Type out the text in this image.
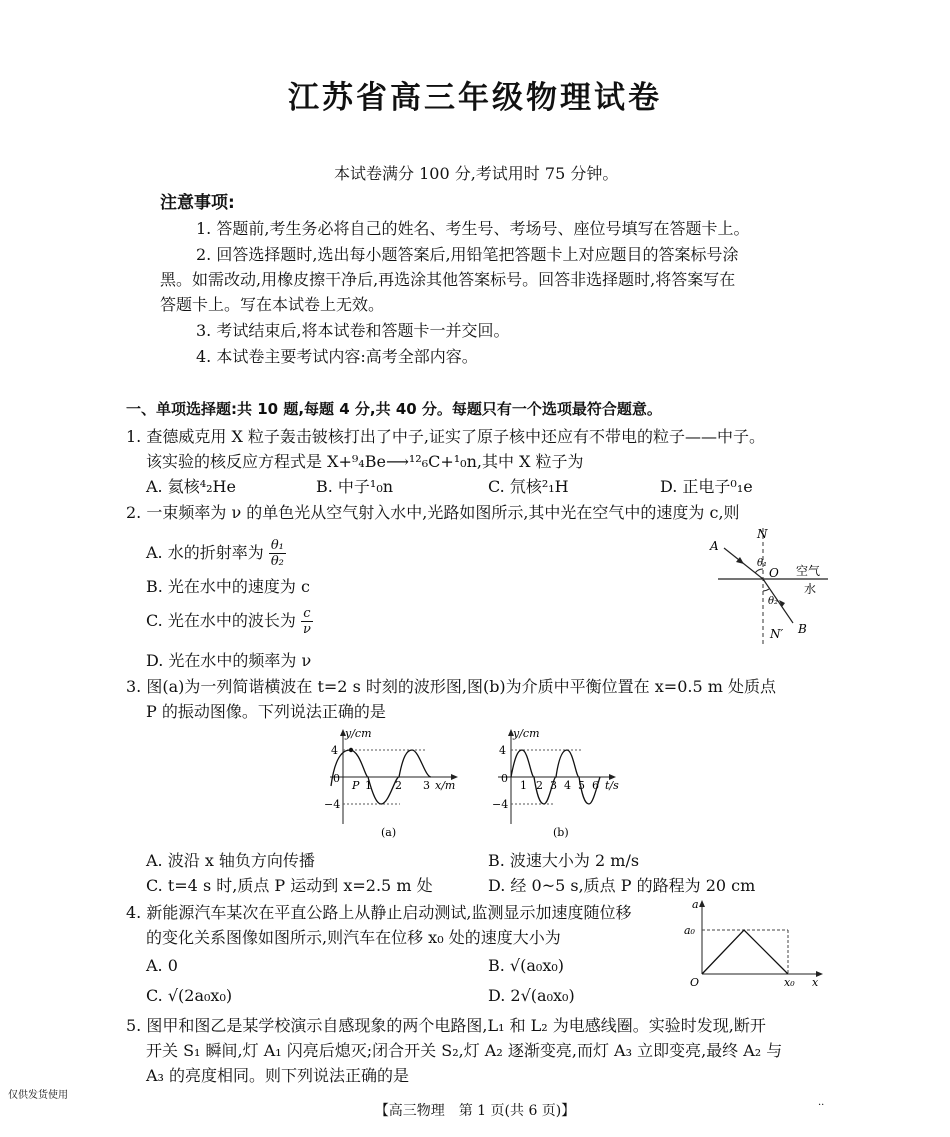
江苏省高三年级物理试卷
本试卷满分 100 分,考试用时 75 分钟。
注意事项:
1. 答题前,考生务必将自己的姓名、考生号、考场号、座位号填写在答题卡上。
2. 回答选择题时,选出每小题答案后,用铅笔把答题卡上对应题目的答案标号涂
黑。如需改动,用橡皮擦干净后,再选涂其他答案标号。回答非选择题时,将答案写在
答题卡上。写在本试卷上无效。
3. 考试结束后,将本试卷和答题卡一并交回。
4. 本试卷主要考试内容:高考全部内容。
一、单项选择题:共 10 题,每题 4 分,共 40 分。每题只有一个选项最符合题意。
1. 查德威克用 X 粒子轰击铍核打出了中子,证实了原子核中还应有不带电的粒子——中子。
该实验的核反应方程式是 X+⁹₄Be⟶¹²₆C+¹₀n,其中 X 粒子为
A. 氦核⁴₂He	B. 中子¹₀n	C. 氘核²₁H	D. 正电子⁰₁e
2. 一束频率为 ν 的单色光从空气射入水中,光路如图所示,其中光在空气中的速度为 c,则
A. 水的折射率为 $\frac{\text{θ₁}}{\text{θ₂}}$
B. 光在水中的速度为 c
C. 光在水中的波长为 $\frac{c}{\nu}$
D. 光在水中的频率为 ν
N
A
θ₁
O 空气
水
θ₂
N′ B
3. 图(a)为一列简谐横波在 t=2 s 时刻的波形图,图(b)为介质中平衡位置在 x=0.5 m 处质点
P 的振动图像。下列说法正确的是
y/cm
x/m
4
−4
0
P 1 2 3
(a)
y/cm
t/s
4
−4
0
1 2 3 4 5 6
(b)
A. 波沿 x 轴负方向传播	B. 波速大小为 2 m/s
C. t=4 s 时,质点 P 运动到 x=2.5 m 处	D. 经 0~5 s,质点 P 的路程为 20 cm
4. 新能源汽车某次在平直公路上从静止启动测试,监测显示加速度随位移
的变化关系图像如图所示,则汽车在位移 x₀ 处的速度大小为
A. 0	B. √(a₀x₀)
C. √(2a₀x₀)	D. 2√(a₀x₀)
a
a₀
O	x₀ x
5. 图甲和图乙是某学校演示自感现象的两个电路图,L₁ 和 L₂ 为电感线圈。实验时发现,断开
开关 S₁ 瞬间,灯 A₁ 闪亮后熄灭;闭合开关 S₂,灯 A₂ 逐渐变亮,而灯 A₃ 立即变亮,最终 A₂ 与
A₃ 的亮度相同。则下列说法正确的是
仅供发货使用
【高三物理　第 1 页(共 6 页)】	··
